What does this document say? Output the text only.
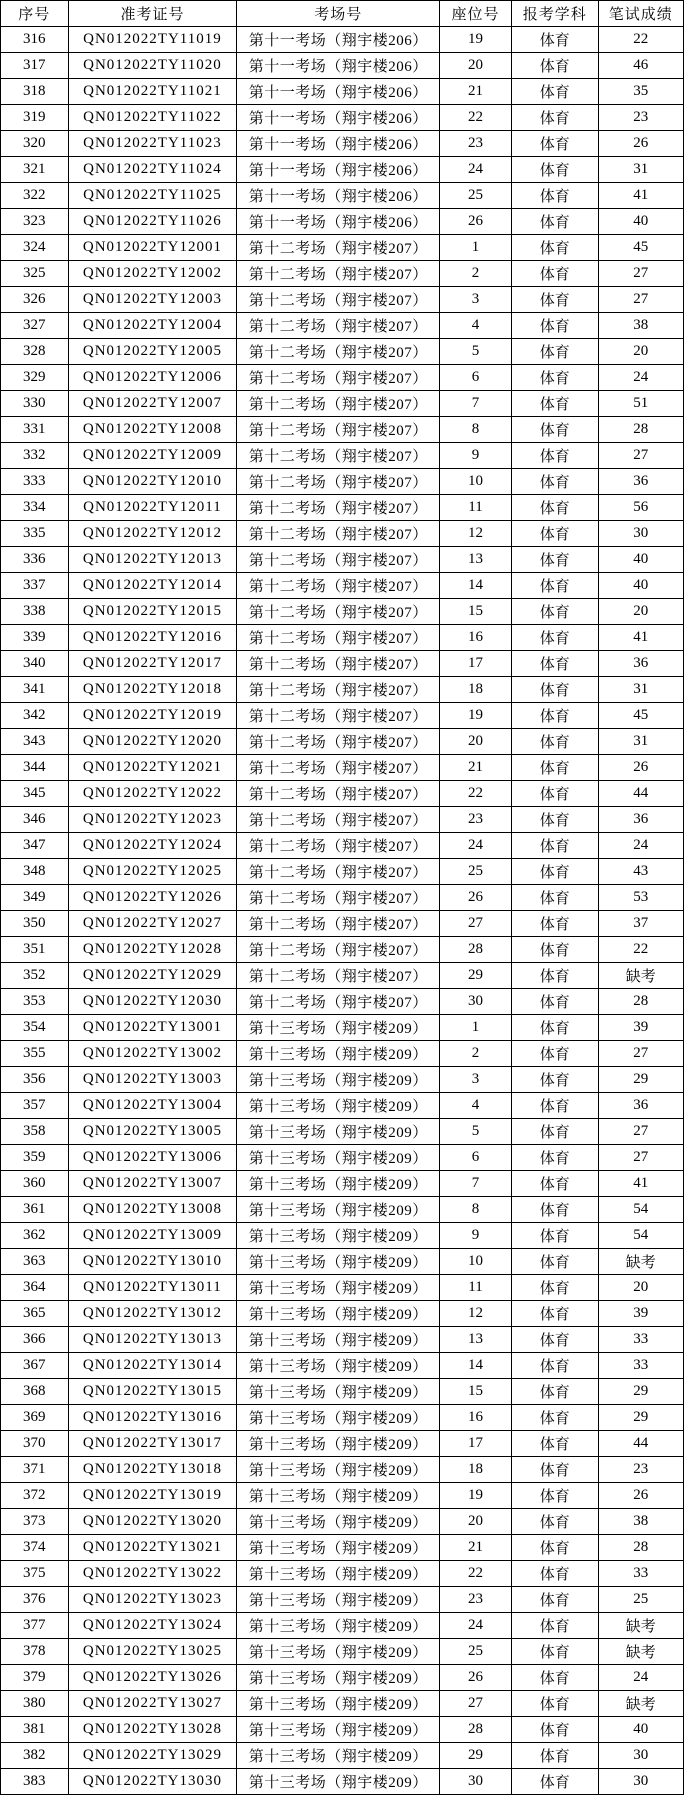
序号	准考证号	考场号	座位号	报考学科	笔试成绩
316	QN012022TY11019	第十一考场（翔宇楼206）	19	体育	22
317	QN012022TY11020	第十一考场（翔宇楼206）	20	体育	46
318	QN012022TY11021	第十一考场（翔宇楼206）	21	体育	35
319	QN012022TY11022	第十一考场（翔宇楼206）	22	体育	23
320	QN012022TY11023	第十一考场（翔宇楼206）	23	体育	26
321	QN012022TY11024	第十一考场（翔宇楼206）	24	体育	31
322	QN012022TY11025	第十一考场（翔宇楼206）	25	体育	41
323	QN012022TY11026	第十一考场（翔宇楼206）	26	体育	40
324	QN012022TY12001	第十二考场（翔宇楼207）	1	体育	45
325	QN012022TY12002	第十二考场（翔宇楼207）	2	体育	27
326	QN012022TY12003	第十二考场（翔宇楼207）	3	体育	27
327	QN012022TY12004	第十二考场（翔宇楼207）	4	体育	38
328	QN012022TY12005	第十二考场（翔宇楼207）	5	体育	20
329	QN012022TY12006	第十二考场（翔宇楼207）	6	体育	24
330	QN012022TY12007	第十二考场（翔宇楼207）	7	体育	51
331	QN012022TY12008	第十二考场（翔宇楼207）	8	体育	28
332	QN012022TY12009	第十二考场（翔宇楼207）	9	体育	27
333	QN012022TY12010	第十二考场（翔宇楼207）	10	体育	36
334	QN012022TY12011	第十二考场（翔宇楼207）	11	体育	56
335	QN012022TY12012	第十二考场（翔宇楼207）	12	体育	30
336	QN012022TY12013	第十二考场（翔宇楼207）	13	体育	40
337	QN012022TY12014	第十二考场（翔宇楼207）	14	体育	40
338	QN012022TY12015	第十二考场（翔宇楼207）	15	体育	20
339	QN012022TY12016	第十二考场（翔宇楼207）	16	体育	41
340	QN012022TY12017	第十二考场（翔宇楼207）	17	体育	36
341	QN012022TY12018	第十二考场（翔宇楼207）	18	体育	31
342	QN012022TY12019	第十二考场（翔宇楼207）	19	体育	45
343	QN012022TY12020	第十二考场（翔宇楼207）	20	体育	31
344	QN012022TY12021	第十二考场（翔宇楼207）	21	体育	26
345	QN012022TY12022	第十二考场（翔宇楼207）	22	体育	44
346	QN012022TY12023	第十二考场（翔宇楼207）	23	体育	36
347	QN012022TY12024	第十二考场（翔宇楼207）	24	体育	24
348	QN012022TY12025	第十二考场（翔宇楼207）	25	体育	43
349	QN012022TY12026	第十二考场（翔宇楼207）	26	体育	53
350	QN012022TY12027	第十二考场（翔宇楼207）	27	体育	37
351	QN012022TY12028	第十二考场（翔宇楼207）	28	体育	22
352	QN012022TY12029	第十二考场（翔宇楼207）	29	体育	缺考
353	QN012022TY12030	第十二考场（翔宇楼207）	30	体育	28
354	QN012022TY13001	第十三考场（翔宇楼209）	1	体育	39
355	QN012022TY13002	第十三考场（翔宇楼209）	2	体育	27
356	QN012022TY13003	第十三考场（翔宇楼209）	3	体育	29
357	QN012022TY13004	第十三考场（翔宇楼209）	4	体育	36
358	QN012022TY13005	第十三考场（翔宇楼209）	5	体育	27
359	QN012022TY13006	第十三考场（翔宇楼209）	6	体育	27
360	QN012022TY13007	第十三考场（翔宇楼209）	7	体育	41
361	QN012022TY13008	第十三考场（翔宇楼209）	8	体育	54
362	QN012022TY13009	第十三考场（翔宇楼209）	9	体育	54
363	QN012022TY13010	第十三考场（翔宇楼209）	10	体育	缺考
364	QN012022TY13011	第十三考场（翔宇楼209）	11	体育	20
365	QN012022TY13012	第十三考场（翔宇楼209）	12	体育	39
366	QN012022TY13013	第十三考场（翔宇楼209）	13	体育	33
367	QN012022TY13014	第十三考场（翔宇楼209）	14	体育	33
368	QN012022TY13015	第十三考场（翔宇楼209）	15	体育	29
369	QN012022TY13016	第十三考场（翔宇楼209）	16	体育	29
370	QN012022TY13017	第十三考场（翔宇楼209）	17	体育	44
371	QN012022TY13018	第十三考场（翔宇楼209）	18	体育	23
372	QN012022TY13019	第十三考场（翔宇楼209）	19	体育	26
373	QN012022TY13020	第十三考场（翔宇楼209）	20	体育	38
374	QN012022TY13021	第十三考场（翔宇楼209）	21	体育	28
375	QN012022TY13022	第十三考场（翔宇楼209）	22	体育	33
376	QN012022TY13023	第十三考场（翔宇楼209）	23	体育	25
377	QN012022TY13024	第十三考场（翔宇楼209）	24	体育	缺考
378	QN012022TY13025	第十三考场（翔宇楼209）	25	体育	缺考
379	QN012022TY13026	第十三考场（翔宇楼209）	26	体育	24
380	QN012022TY13027	第十三考场（翔宇楼209）	27	体育	缺考
381	QN012022TY13028	第十三考场（翔宇楼209）	28	体育	40
382	QN012022TY13029	第十三考场（翔宇楼209）	29	体育	30
383	QN012022TY13030	第十三考场（翔宇楼209）	30	体育	30
